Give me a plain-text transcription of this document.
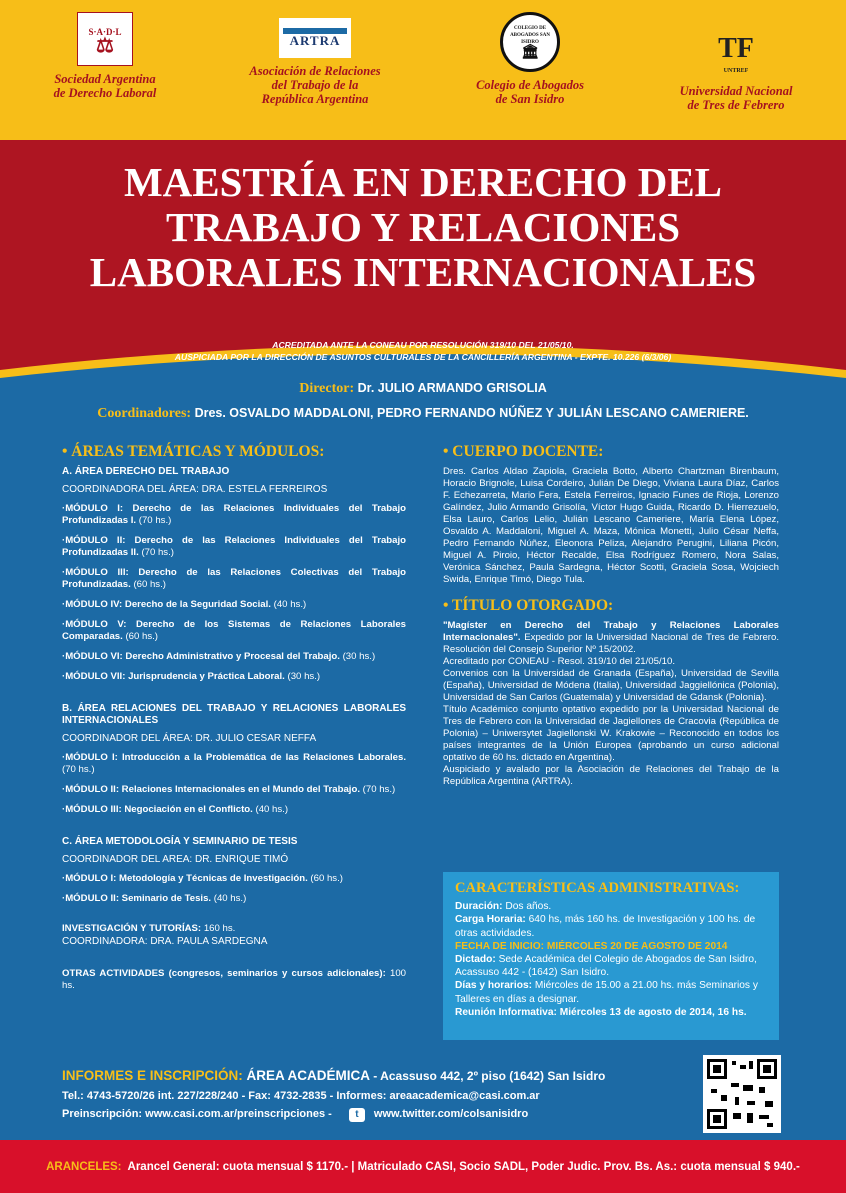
S·A·D·L
⚖
Sociedad Argentina
de Derecho Laboral
ARTRA
Asociación de Relaciones
del Trabajo de la
República Argentina
COLEGIO DE ABOGADOS SAN ISIDRO
🏛
Colegio de Abogados
de San Isidro
TF
UNTREF
Universidad Nacional
de Tres de Febrero
MAESTRÍA EN DERECHO DEL
TRABAJO Y RELACIONES
LABORALES INTERNACIONALES
ACREDITADA ANTE LA CONEAU POR RESOLUCIÓN 319/10 DEL 21/05/10.
AUSPICIADA POR LA DIRECCIÓN DE ASUNTOS CULTURALES DE LA CANCILLERÍA ARGENTINA - EXPTE. 10.226 (6/3/06)
Director: Dr. JULIO ARMANDO GRISOLIA
Coordinadores: Dres. OSVALDO MADDALONI, PEDRO FERNANDO NÚÑEZ Y JULIÁN LESCANO CAMERIERE.
• ÁREAS TEMÁTICAS Y MÓDULOS:
A. ÁREA DERECHO DEL TRABAJO
COORDINADORA DEL ÁREA: DRA. ESTELA FERREIROS
·MÓDULO I: Derecho de las Relaciones Individuales del Trabajo Profundizadas I. (70 hs.)
·MÓDULO II: Derecho de las Relaciones Individuales del Trabajo Profundizadas II. (70 hs.)
·MÓDULO III: Derecho de las Relaciones Colectivas del Trabajo Profundizadas. (60 hs.)
·MÓDULO IV: Derecho de la Seguridad Social. (40 hs.)
·MÓDULO V: Derecho de los Sistemas de Relaciones Laborales Comparadas. (60 hs.)
·MÓDULO VI: Derecho Administrativo y Procesal del Trabajo. (30 hs.)
·MÓDULO VII: Jurisprudencia y Práctica Laboral. (30 hs.)
B. ÁREA RELACIONES DEL TRABAJO Y RELACIONES LABORALES INTERNACIONALES
COORDINADOR DEL ÁREA: DR. JULIO CESAR NEFFA
·MÓDULO I: Introducción a la Problemática de las Relaciones Laborales. (70 hs.)
·MÓDULO II: Relaciones Internacionales en el Mundo del Trabajo. (70 hs.)
·MÓDULO III: Negociación en el Conflicto. (40 hs.)
C. ÁREA METODOLOGÍA Y SEMINARIO DE TESIS
COORDINADOR DEL AREA: DR. ENRIQUE TIMÓ
·MÓDULO I: Metodología y Técnicas de Investigación. (60 hs.)
·MÓDULO II: Seminario de Tesis. (40 hs.)
INVESTIGACIÓN Y TUTORÍAS: 160 hs.
COORDINADORA: DRA. PAULA SARDEGNA
OTRAS ACTIVIDADES (congresos, seminarios y cursos adicionales): 100 hs.
• CUERPO DOCENTE:
Dres. Carlos Aldao Zapiola, Graciela Botto, Alberto Chartzman Birenbaum, Horacio Brignole, Luisa Cordeiro, Julián De Diego, Viviana Laura Díaz, Carlos F. Echezarreta, Mario Fera, Estela Ferreiros, Ignacio Funes de Rioja, Lorenzo Galíndez, Julio Armando Grisolía, Víctor Hugo Guida, Ricardo D. Hierrezuelo, Elsa Lauro, Carlos Lelio, Julián Lescano Cameriere, María Elena López, Osvaldo A. Maddaloni, Miguel A. Maza, Mónica Monetti, Julio César Neffa, Pedro Fernando Núñez, Eleonora Peliza, Alejandro Perugini, Liliana Picón, Miguel A. Piroio, Héctor Recalde, Elsa Rodríguez Romero, Nora Salas, Verónica Sánchez, Paula Sardegna, Héctor Scotti, Graciela Sosa, Wojciech Swida, Enrique Timó, Diego Tula.
• TÍTULO OTORGADO:
"Magíster en Derecho del Trabajo y Relaciones Laborales Internacionales". Expedido por la Universidad Nacional de Tres de Febrero. Resolución del Consejo Superior Nº 15/2002.
Acreditado por CONEAU - Resol. 319/10 del 21/05/10.
Convenios con la Universidad de Granada (España), Universidad de Sevilla (España), Universidad de Módena (Italia), Universidad Jaggiellónica (Polonia), Universidad de San Carlos (Guatemala) y Universidad de Gdansk (Polonia).
Título Académico conjunto optativo expedido por la Universidad Nacional de Tres de Febrero con la Universidad de Jagiellones de Cracovia (República de Polonia) – Uniwersytet Jagiellonski W. Krakowie – Reconocido en todos los países integrantes de la Unión Europea (aprobando un curso adicional optativo de 60 hs. dictado en Argentina).
Auspiciado y avalado por la Asociación de Relaciones del Trabajo de la República Argentina (ARTRA).
CARACTERÍSTICAS ADMINISTRATIVAS:
Duración: Dos años.
Carga Horaria: 640 hs, más 160 hs. de Investigación y 100 hs. de otras actividades.
FECHA DE INICIO: MIÉRCOLES 20 DE AGOSTO DE 2014
Dictado: Sede Académica del Colegio de Abogados de San Isidro, Acassuso 442 - (1642) San Isidro.
Días y horarios: Miércoles de 15.00 a 21.00 hs. más Seminarios y Talleres en días a designar.
Reunión Informativa: Miércoles 13 de agosto de 2014, 16 hs.
INFORMES E INSCRIPCIÓN: ÁREA ACADÉMICA - Acassuso 442, 2º piso (1642) San Isidro
Tel.: 4743-5720/26 int. 227/228/240 - Fax: 4732-2835 - Informes: areaacademica@casi.com.ar
Preinscripción: www.casi.com.ar/preinscripciones - t www.twitter.com/colsanisidro
ARANCELES: Arancel General: cuota mensual $ 1170.- | Matriculado CASI, Socio SADL, Poder Judic. Prov. Bs. As.: cuota mensual $ 940.-
